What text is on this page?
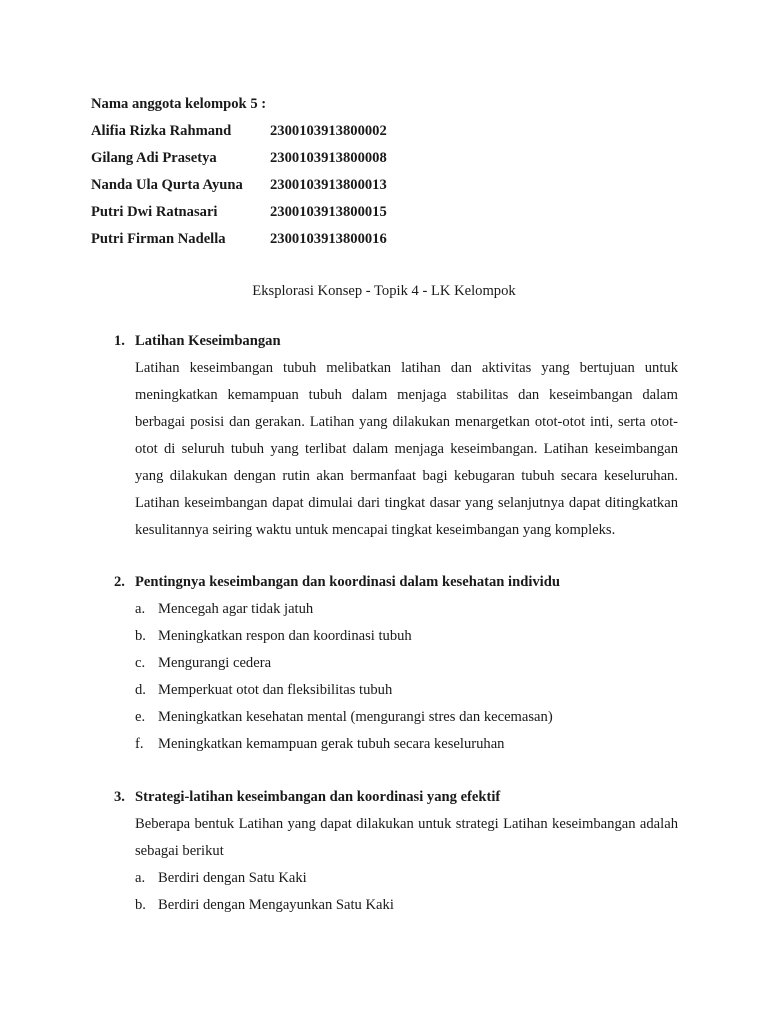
Nama anggota kelompok 5 :
Alifia Rizka Rahmand	2300103913800002
Gilang Adi Prasetya	2300103913800008
Nanda Ula Qurta Ayuna	2300103913800013
Putri Dwi Ratnasari	2300103913800015
Putri Firman Nadella	2300103913800016
Eksplorasi Konsep - Topik 4 - LK Kelompok
1. Latihan Keseimbangan
Latihan keseimbangan tubuh melibatkan latihan dan aktivitas yang bertujuan untuk meningkatkan kemampuan tubuh dalam menjaga stabilitas dan keseimbangan dalam berbagai posisi dan gerakan. Latihan yang dilakukan menargetkan otot-otot inti, serta otot-otot di seluruh tubuh yang terlibat dalam menjaga keseimbangan. Latihan keseimbangan yang dilakukan dengan rutin akan bermanfaat bagi kebugaran tubuh secara keseluruhan. Latihan keseimbangan dapat dimulai dari tingkat dasar yang selanjutnya dapat ditingkatkan kesulitannya seiring waktu untuk mencapai tingkat keseimbangan yang kompleks.
2. Pentingnya keseimbangan dan koordinasi dalam kesehatan individu
a. Mencegah agar tidak jatuh
b. Meningkatkan respon dan koordinasi tubuh
c. Mengurangi cedera
d. Memperkuat otot dan fleksibilitas tubuh
e. Meningkatkan kesehatan mental (mengurangi stres dan kecemasan)
f. Meningkatkan kemampuan gerak tubuh secara keseluruhan
3. Strategi-latihan keseimbangan dan koordinasi yang efektif
Beberapa bentuk Latihan yang dapat dilakukan untuk strategi Latihan keseimbangan adalah sebagai berikut
a. Berdiri dengan Satu Kaki
b. Berdiri dengan Mengayunkan Satu Kaki
